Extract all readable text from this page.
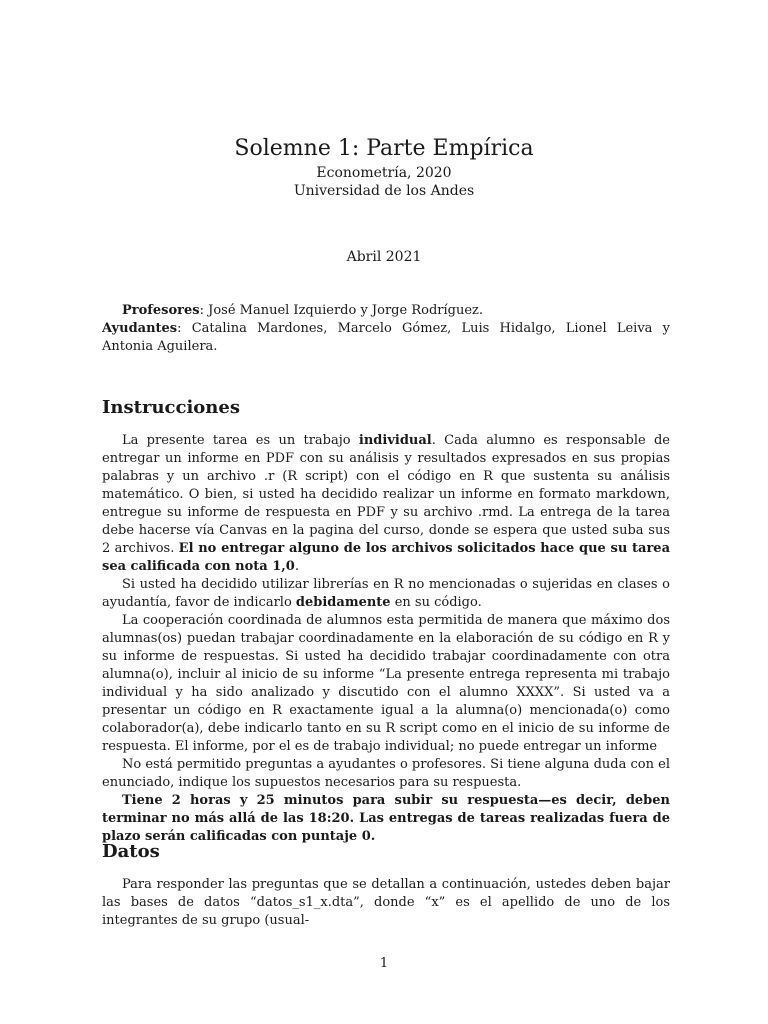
Solemne 1: Parte Empírica

Econometría, 2020

Universidad de los Andes

Abril 2021

Profesores: José Manuel Izquierdo y Jorge Rodríguez.

Ayudantes: Catalina Mardones, Marcelo Gómez, Luis Hidalgo, Lionel Leiva y Antonia Aguilera.

Instrucciones

La presente tarea es un trabajo individual. Cada alumno es responsable de entregar un informe en PDF con su análisis y resultados expresados en sus propias palabras y un archivo .r (R script) con el código en R que sustenta su análisis matemático. O bien, si usted ha decidido realizar un informe en formato markdown, entregue su informe de respuesta en PDF y su archivo .rmd. La entrega de la tarea debe hacerse vía Canvas en la pagina del curso, donde se espera que usted suba sus 2 archivos. El no entregar alguno de los archivos solicitados hace que su tarea sea calificada con nota 1,0.

Si usted ha decidido utilizar librerías en R no mencionadas o sujeridas en clases o ayudantía, favor de indicarlo debidamente en su código.

La cooperación coordinada de alumnos esta permitida de manera que máximo dos alumnas(os) puedan trabajar coordinadamente en la elaboración de su código en R y su informe de respuestas. Si usted ha decidido trabajar coordinadamente con otra alumna(o), incluir al inicio de su informe “La presente entrega representa mi trabajo individual y ha sido analizado y discutido con el alumno XXXX”. Si usted va a presentar un código en R exactamente igual a la alumna(o) mencionada(o) como colaborador(a), debe indicarlo tanto en su R script como en el inicio de su informe de respuesta. El informe, por el es de trabajo individual; no puede entregar un informe

No está permitido preguntas a ayudantes o profesores. Si tiene alguna duda con el enunciado, indique los supuestos necesarios para su respuesta.

Tiene 2 horas y 25 minutos para subir su respuesta—es decir, deben terminar no más allá de las 18:20. Las entregas de tareas realizadas fuera de plazo serán calificadas con puntaje 0.

Datos

Para responder las preguntas que se detallan a continuación, ustedes deben bajar las bases de datos “datos_s1_x.dta”, donde “x” es el apellido de uno de los integrantes de su grupo (usual-

1
